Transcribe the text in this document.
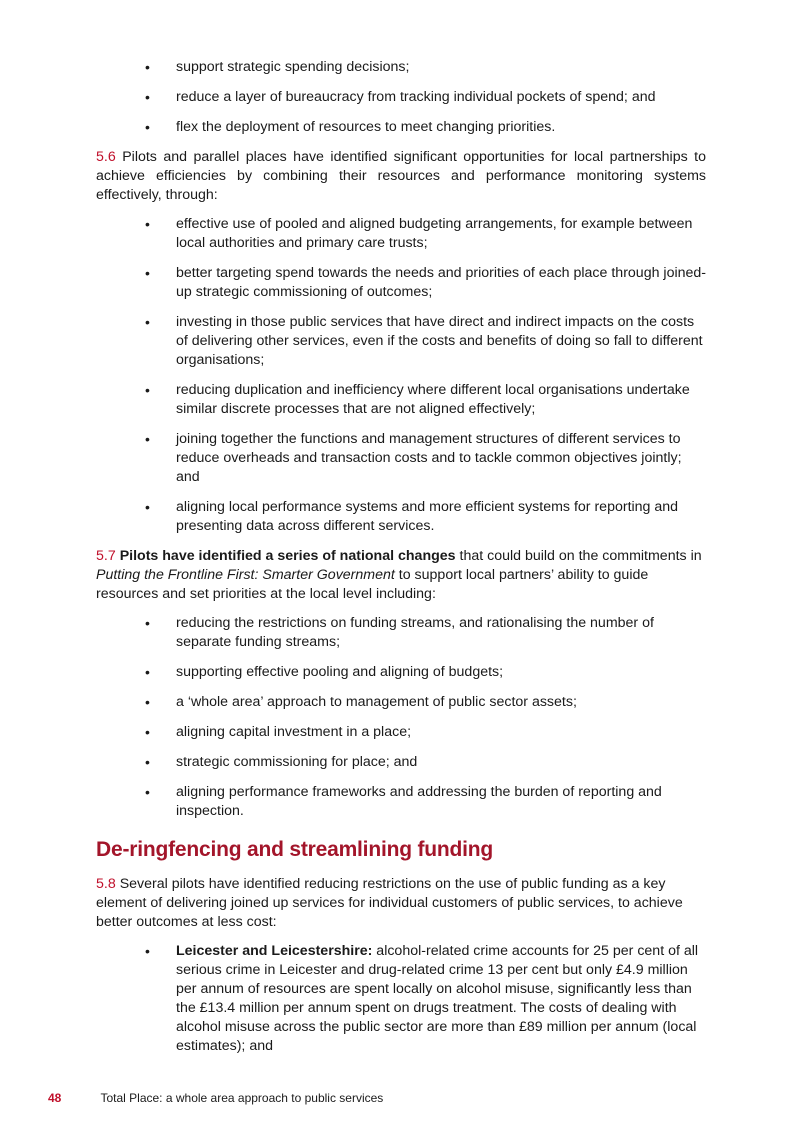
• support strategic spending decisions;
• reduce a layer of bureaucracy from tracking individual pockets of spend; and
• flex the deployment of resources to meet changing priorities.

5.6 Pilots and parallel places have identified significant opportunities for local partnerships to achieve efficiencies by combining their resources and performance monitoring systems effectively, through:

• effective use of pooled and aligned budgeting arrangements, for example between local authorities and primary care trusts;
• better targeting spend towards the needs and priorities of each place through joined-up strategic commissioning of outcomes;
• investing in those public services that have direct and indirect impacts on the costs of delivering other services, even if the costs and benefits of doing so fall to different organisations;
• reducing duplication and inefficiency where different local organisations undertake similar discrete processes that are not aligned effectively;
• joining together the functions and management structures of different services to reduce overheads and transaction costs and to tackle common objectives jointly; and
• aligning local performance systems and more efficient systems for reporting and presenting data across different services.

5.7 Pilots have identified a series of national changes that could build on the commitments in Putting the Frontline First: Smarter Government to support local partners’ ability to guide resources and set priorities at the local level including:

• reducing the restrictions on funding streams, and rationalising the number of separate funding streams;
• supporting effective pooling and aligning of budgets;
• a ‘whole area’ approach to management of public sector assets;
• aligning capital investment in a place;
• strategic commissioning for place; and
• aligning performance frameworks and addressing the burden of reporting and inspection.
De-ringfencing and streamlining funding

5.8 Several pilots have identified reducing restrictions on the use of public funding as a key element of delivering joined up services for individual customers of public services, to achieve better outcomes at less cost:

• Leicester and Leicestershire: alcohol-related crime accounts for 25 per cent of all serious crime in Leicester and drug-related crime 13 per cent but only £4.9 million per annum of resources are spent locally on alcohol misuse, significantly less than the £13.4 million per annum spent on drugs treatment. The costs of dealing with alcohol misuse across the public sector are more than £89 million per annum (local estimates); and
48	Total Place: a whole area approach to public services
